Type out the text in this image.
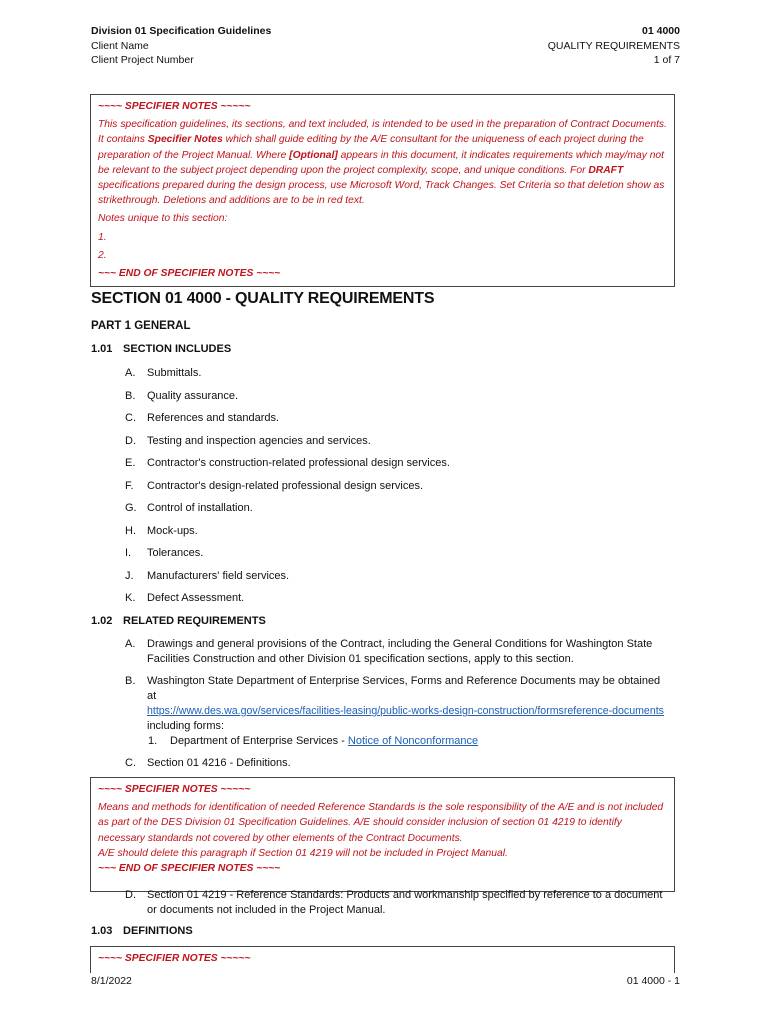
Division 01 Specification Guidelines
Client Name
Client Project Number
01 4000
QUALITY REQUIREMENTS
1 of 7

~~~~ SPECIFIER NOTES ~~~~~

This specification guidelines, its sections, and text included, is intended to be used in the preparation of Contract Documents. It contains Specifier Notes which shall guide editing by the A/E consultant for the uniqueness of each project during the preparation of the Project Manual. Where [Optional] appears in this document, it indicates requirements which may/may not be relevant to the subject project depending upon the project complexity, scope, and unique conditions. For DRAFT specifications prepared during the design process, use Microsoft Word, Track Changes. Set Criteria so that deletion show as strikethrough. Deletions and additions are to be in red text.

Notes unique to this section:

1.

2.

~~~ END OF SPECIFIER NOTES ~~~~

SECTION 01 4000 - QUALITY REQUIREMENTS
PART 1 GENERAL
1.01 SECTION INCLUDES
A. Submittals.
B. Quality assurance.
C. References and standards.
D. Testing and inspection agencies and services.
E. Contractor's construction-related professional design services.
F. Contractor's design-related professional design services.
G. Control of installation.
H. Mock-ups.
I. Tolerances.
J. Manufacturers' field services.
K. Defect Assessment.
1.02 RELATED REQUIREMENTS
A. Drawings and general provisions of the Contract, including the General Conditions for Washington State Facilities Construction and other Division 01 specification sections, apply to this section.
B. Washington State Department of Enterprise Services, Forms and Reference Documents may be obtained at
https://www.des.wa.gov/services/facilities-leasing/public-works-design-construction/formsreference-documents
including forms:
1. Department of Enterprise Services - Notice of Nonconformance
C. Section 01 4216 - Definitions.

~~~~ SPECIFIER NOTES ~~~~~

Means and methods for identification of needed Reference Standards is the sole responsibility of the A/E and is not included as part of the DES Division 01 Specification Guidelines. A/E should consider inclusion of section 01 4219 to identify necessary standards not covered by other elements of the Contract Documents.

A/E should delete this paragraph if Section 01 4219 will not be included in Project Manual.

~~~ END OF SPECIFIER NOTES ~~~~

D. Section 01 4219 - Reference Standards: Products and workmanship specified by reference to a document or documents not included in the Project Manual.
1.03 DEFINITIONS

~~~~ SPECIFIER NOTES ~~~~~

8/1/2022	01 4000 - 1
